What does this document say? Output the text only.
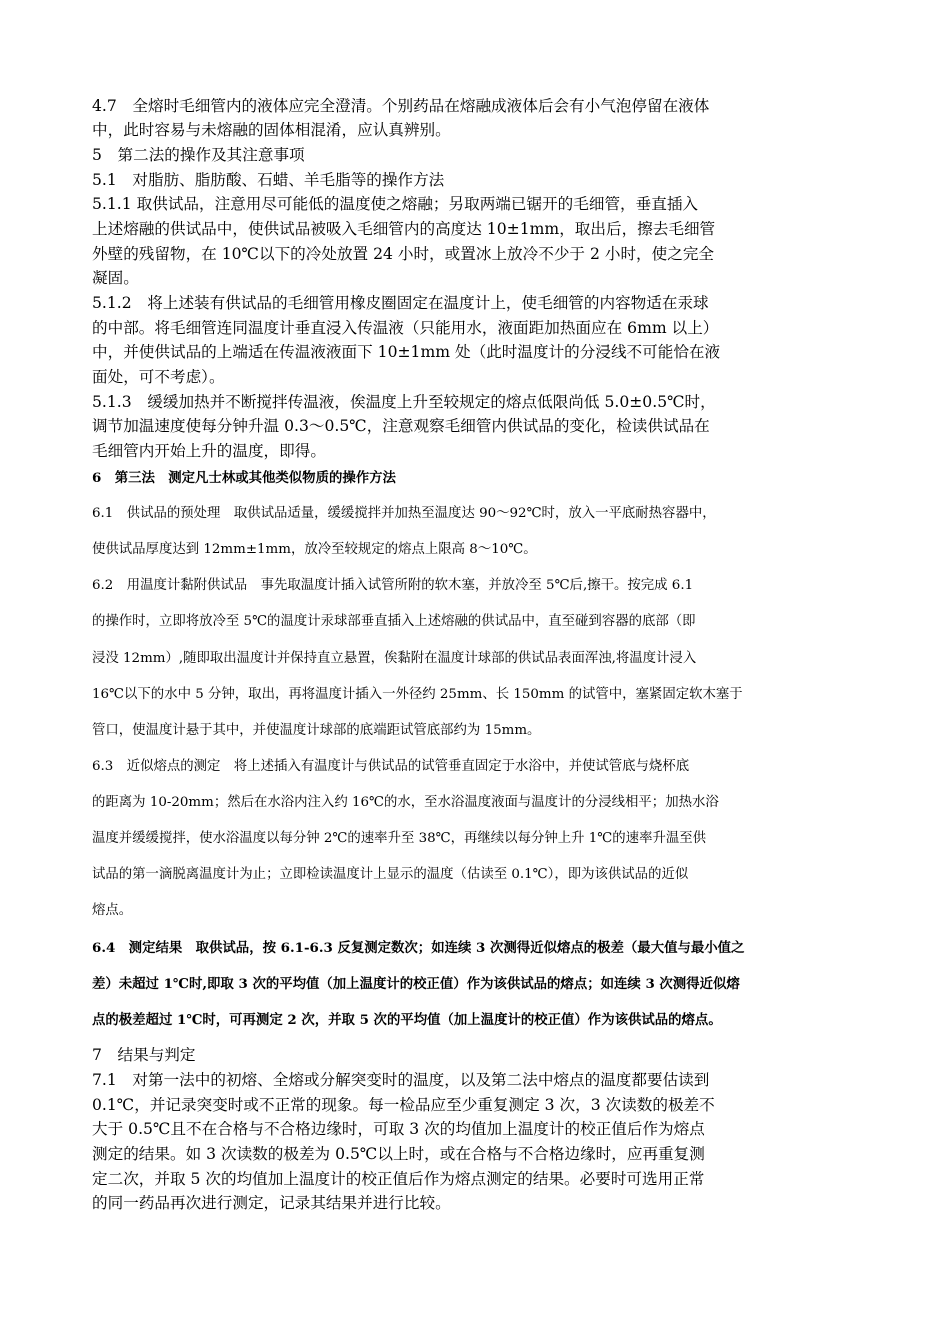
4.7　全熔时毛细管内的液体应完全澄清。个别药品在熔融成液体后会有小气泡停留在液体

中，此时容易与未熔融的固体相混淆，应认真辨别。

5　第二法的操作及其注意事项

5.1　对脂肪、脂肪酸、石蜡、羊毛脂等的操作方法

5.1.1 取供试品，注意用尽可能低的温度使之熔融；另取两端已锯开的毛细管，垂直插入

上述熔融的供试品中，使供试品被吸入毛细管内的高度达 10±1mm，取出后，擦去毛细管

外壁的残留物，在 10℃以下的冷处放置 24 小时，或置冰上放冷不少于 2 小时，使之完全

凝固。

5.1.2　将上述装有供试品的毛细管用橡皮圈固定在温度计上，使毛细管的内容物适在汞球

的中部。将毛细管连同温度计垂直浸入传温液（只能用水，液面距加热面应在 6mm 以上）

中，并使供试品的上端适在传温液液面下 10±1mm 处（此时温度计的分浸线不可能恰在液

面处，可不考虑）。

5.1.3　缓缓加热并不断搅拌传温液，俟温度上升至较规定的熔点低限尚低 5.0±0.5℃时，

调节加温速度使每分钟升温 0.3～0.5℃，注意观察毛细管内供试品的变化，检读供试品在

毛细管内开始上升的温度，即得。

6　第三法　测定凡士林或其他类似物质的操作方法

6.1　供试品的预处理　取供试品适量，缓缓搅拌并加热至温度达 90～92℃时，放入一平底耐热容器中，

使供试品厚度达到 12mm±1mm，放冷至较规定的熔点上限高 8～10℃。

6.2　用温度计黏附供试品　事先取温度计插入试管所附的软木塞，并放冷至 5℃后,擦干。按完成 6.1

的操作时，立即将放冷至 5℃的温度计汞球部垂直插入上述熔融的供试品中，直至碰到容器的底部（即

浸没 12mm）,随即取出温度计并保持直立悬置，俟黏附在温度计球部的供试品表面浑浊,将温度计浸入

16℃以下的水中 5 分钟，取出，再将温度计插入一外径约 25mm、长 150mm 的试管中，塞紧固定软木塞于

管口，使温度计悬于其中，并使温度计球部的底端距试管底部约为 15mm。

6.3　近似熔点的测定　将上述插入有温度计与供试品的试管垂直固定于水浴中，并使试管底与烧杯底

的距离为 10-20mm；然后在水浴内注入约 16℃的水，至水浴温度液面与温度计的分浸线相平；加热水浴

温度并缓缓搅拌，使水浴温度以每分钟 2℃的速率升至 38℃，再继续以每分钟上升 1℃的速率升温至供

试品的第一滴脱离温度计为止；立即检读温度计上显示的温度（估读至 0.1℃），即为该供试品的近似

熔点。

6.4　测定结果　取供试品，按 6.1-6.3 反复测定数次；如连续 3 次测得近似熔点的极差（最大值与最小值之

差）未超过 1℃时,即取 3 次的平均值（加上温度计的校正值）作为该供试品的熔点；如连续 3 次测得近似熔

点的极差超过 1℃时，可再测定 2 次，并取 5 次的平均值（加上温度计的校正值）作为该供试品的熔点。

7　结果与判定

7.1　对第一法中的初熔、全熔或分解突变时的温度，以及第二法中熔点的温度都要估读到

0.1℃，并记录突变时或不正常的现象。每一检品应至少重复测定 3 次，3 次读数的极差不

大于 0.5℃且不在合格与不合格边缘时，可取 3 次的均值加上温度计的校正值后作为熔点

测定的结果。如 3 次读数的极差为 0.5℃以上时，或在合格与不合格边缘时，应再重复测

定二次，并取 5 次的均值加上温度计的校正值后作为熔点测定的结果。必要时可选用正常

的同一药品再次进行测定，记录其结果并进行比较。
